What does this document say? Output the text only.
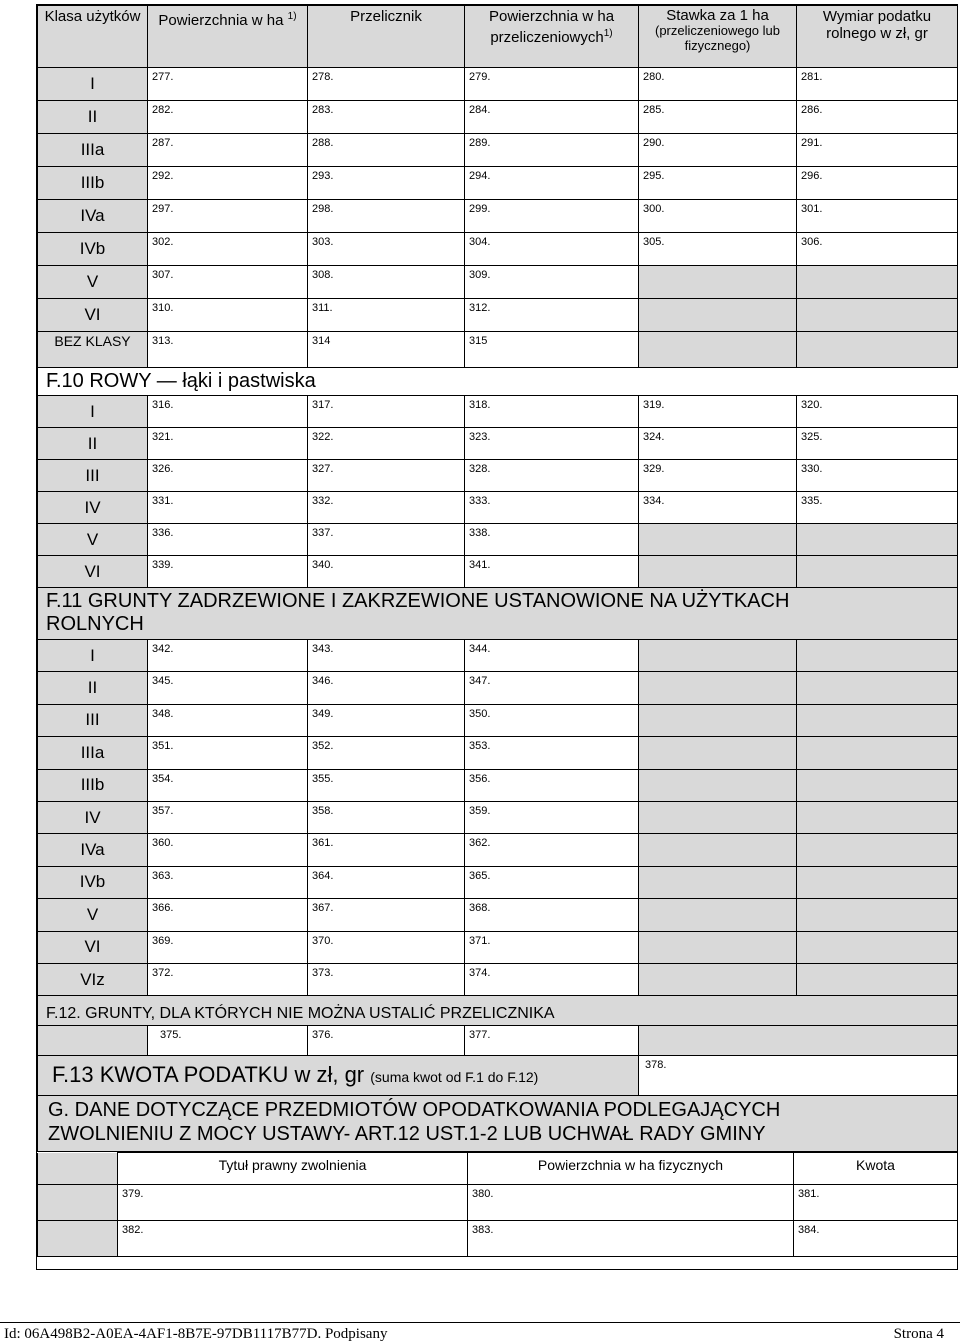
Klasa użytków	Powierzchnia w ha $^{1)}$	Przelicznik	Powierzchnia w ha przeliczeniowych$^{1)}$	Stawka za 1 ha
(przeliczeniowego lub fizycznego)	Wymiar podatku rolnego w zł, gr
I	277.	278.	279.	280.	281.
II	282.	283.	284.	285.	286.
IIIa	287.	288.	289.	290.	291.
IIIb	292.	293.	294.	295.	296.
IVa	297.	298.	299.	300.	301.
IVb	302.	303.	304.	305.	306.
V	307.	308.	309.		
VI	310.	311.	312.		
BEZ KLASY	313.	314	315		
F.10 ROWY — łąki i pastwiska					
I	316.	317.	318.	319.	320.
II	321.	322.	323.	324.	325.
III	326.	327.	328.	329.	330.
IV	331.	332.	333.	334.	335.
V	336.	337.	338.		
VI	339.	340.	341.		
F.11 GRUNTY ZADRZEWIONE I ZAKRZEWIONE USTANOWIONE NA UŻYTKACH
ROLNYCH					
I	342.	343.	344.		
II	345.	346.	347.		
III	348.	349.	350.		
IIIa	351.	352.	353.		
IIIb	354.	355.	356.		
IV	357.	358.	359.		
IVa	360.	361.	362.		
IVb	363.	364.	365.		
V	366.	367.	368.		
VI	369.	370.	371.		
VIz	372.	373.	374.		
F.12. GRUNTY, DLA KTÓRYCH NIE MOŻNA USTALIĆ PRZELICZNIKA					
	375.	376.	377.		
F.13 KWOTA PODATKU w zł, gr (suma kwot od F.1 do F.12)				378.	
G. DANE DOTYCZĄCE PRZEDMIOTÓW OPODATKOWANIA PODLEGAJĄCYCH
ZWOLNIENIU Z MOCY USTAWY- ART.12 UST.1-2 LUB UCHWAŁ RADY GMINY					
	Tytuł prawny zwolnienia	Powierzchnia w ha fizycznych	Kwota
	379.	380.	381.
	382.	383.	384.
Id: 06A498B2-A0EA-4AF1-8B7E-97DB1117B77D. Podpisany	Strona 4
